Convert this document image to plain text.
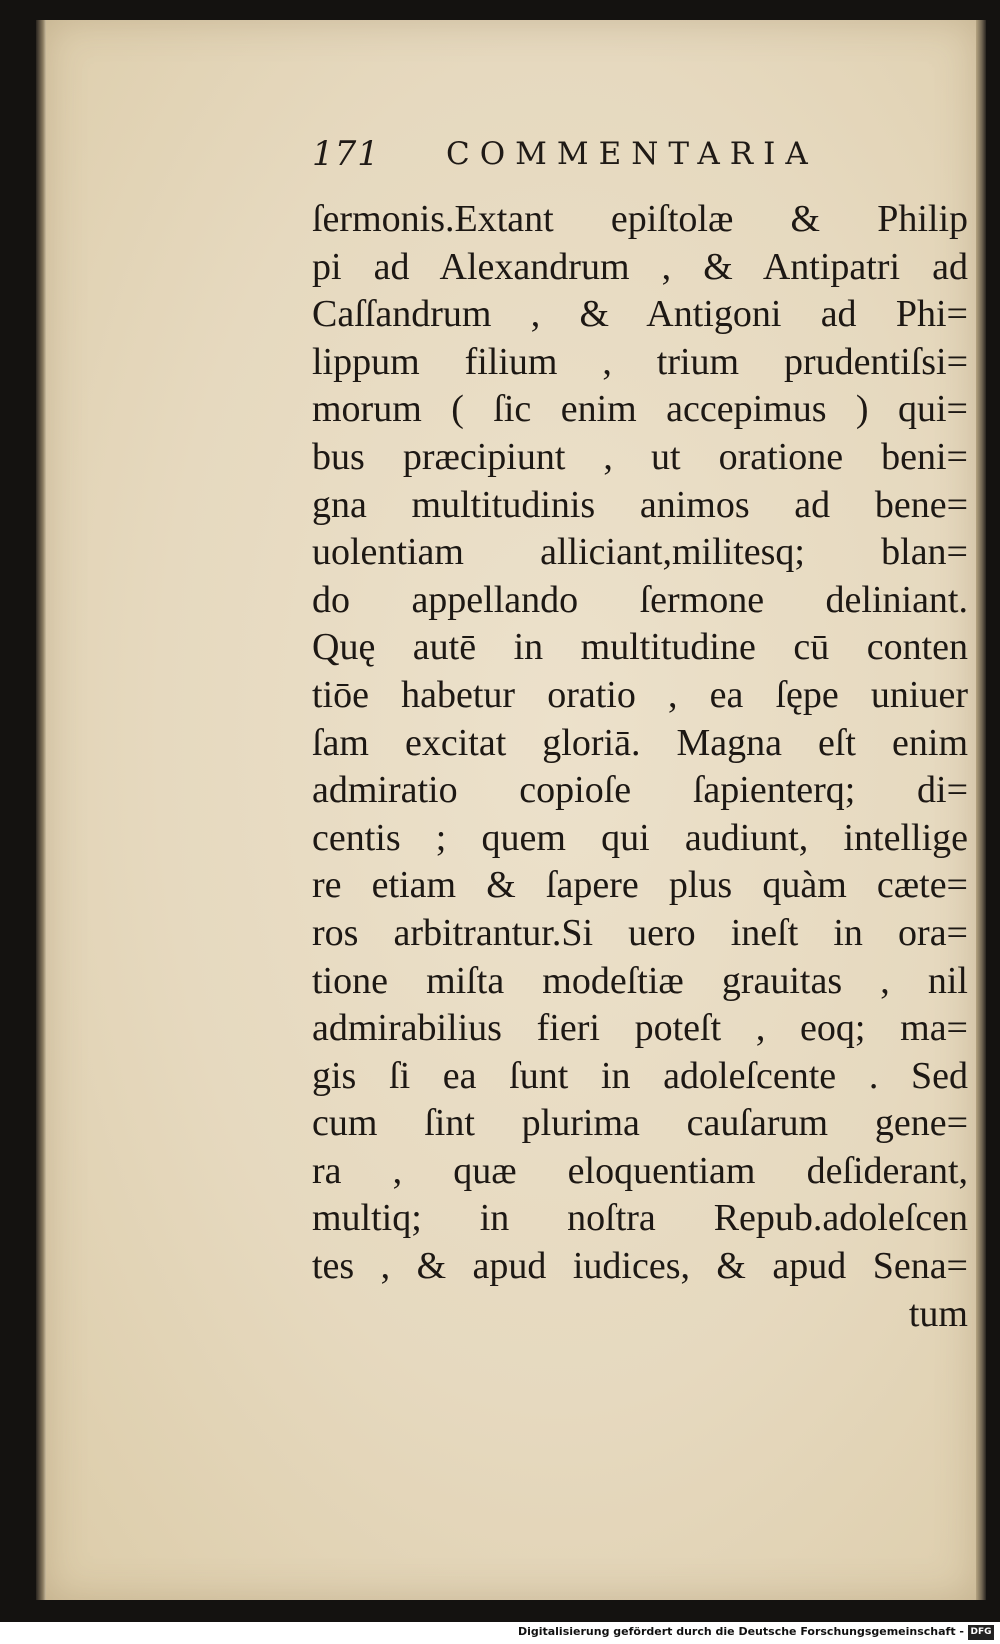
171 COMMENTARIA
ſermonis.Extant epiſtolæ & Philip
pi ad Alexandrum , & Antipatri ad
Caſſandrum , & Antigoni ad Phi=
lippum filium , trium prudentiſsi=
morum ( ſic enim accepimus ) qui=
bus præcipiunt , ut oratione beni=
gna multitudinis animos ad bene=
uolentiam alliciant,militesq; blan=
do appellando ſermone deliniant.
Quę autē in multitudine cū conten
tiōe habetur oratio , ea ſępe uniuer
ſam excitat gloriā. Magna eſt enim
admiratio copioſe ſapienterq; di=
centis ; quem qui audiunt, intellige
re etiam & ſapere plus quàm cæte=
ros arbitrantur.Si uero ineſt in ora=
tione miſta modeſtiæ grauitas , nil
admirabilius fieri poteſt , eoq; ma=
gis ſi ea ſunt in adoleſcente . Sed
cum ſint plurima cauſarum gene=
ra , quæ eloquentiam deſiderant,
multiq; in noſtra Repub.adoleſcen
tes , & apud iudices, & apud Sena=
tum
Digitalisierung gefördert durch die Deutsche Forschungsgemeinschaft - DFG
